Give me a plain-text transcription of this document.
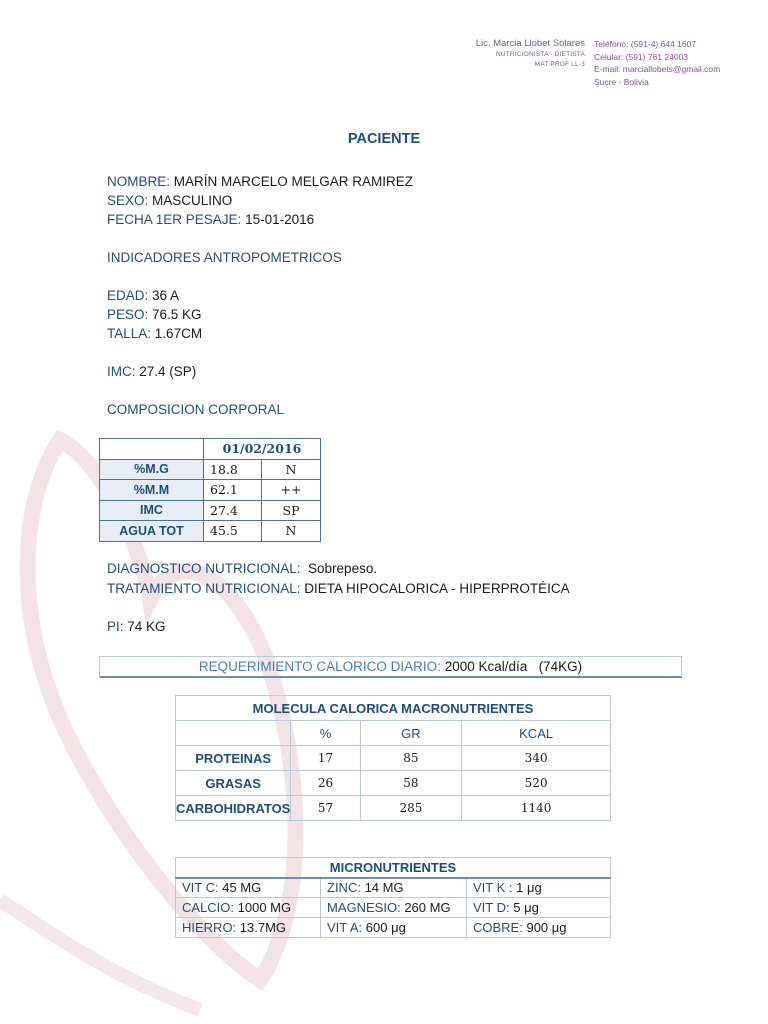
Lic. Marcia Llobet Solares
NUTRICIONISTA - DIETISTA
MAT PROF LL-3
Teléfono: (591-4) 644 1607
Celular: (591) 761 24003
E-mail: marciallobets@gmail.com
Sucre - Bolivia
PACIENTE
NOMBRE: MARÍN MARCELO MELGAR RAMIREZ
SEXO: MASCULINO
FECHA 1ER PESAJE: 15-01-2016
INDICADORES ANTROPOMETRICOS
EDAD: 36 A
PESO: 76.5 KG
TALLA: 1.67CM
IMC: 27.4 (SP)
COMPOSICION CORPORAL
	01/02/2016	
%M.G	18.8	N
%M.M	62.1	++
IMC	27.4	SP
AGUA TOT	45.5	N
DIAGNOSTICO NUTRICIONAL: Sobrepeso.
TRATAMIENTO NUTRICIONAL: DIETA HIPOCALORICA - HIPERPROTÉICA
PI: 74 KG
REQUERIMIENTO CALORICO DIARIO: 2000 Kcal/día (74KG)
MOLECULA CALORICA MACRONUTRIENTES			
	%	GR	KCAL
PROTEINAS	17	85	340
GRASAS	26	58	520
CARBOHIDRATOS	57	285	1140
MICRONUTRIENTES		
VIT C: 45 MG	ZINC: 14 MG	VIT K : 1 μg
CALCIO: 1000 MG	MAGNESIO: 260 MG	VIT D: 5 μg
HIERRO: 13.7MG	VIT A: 600 μg	COBRE: 900 μg
